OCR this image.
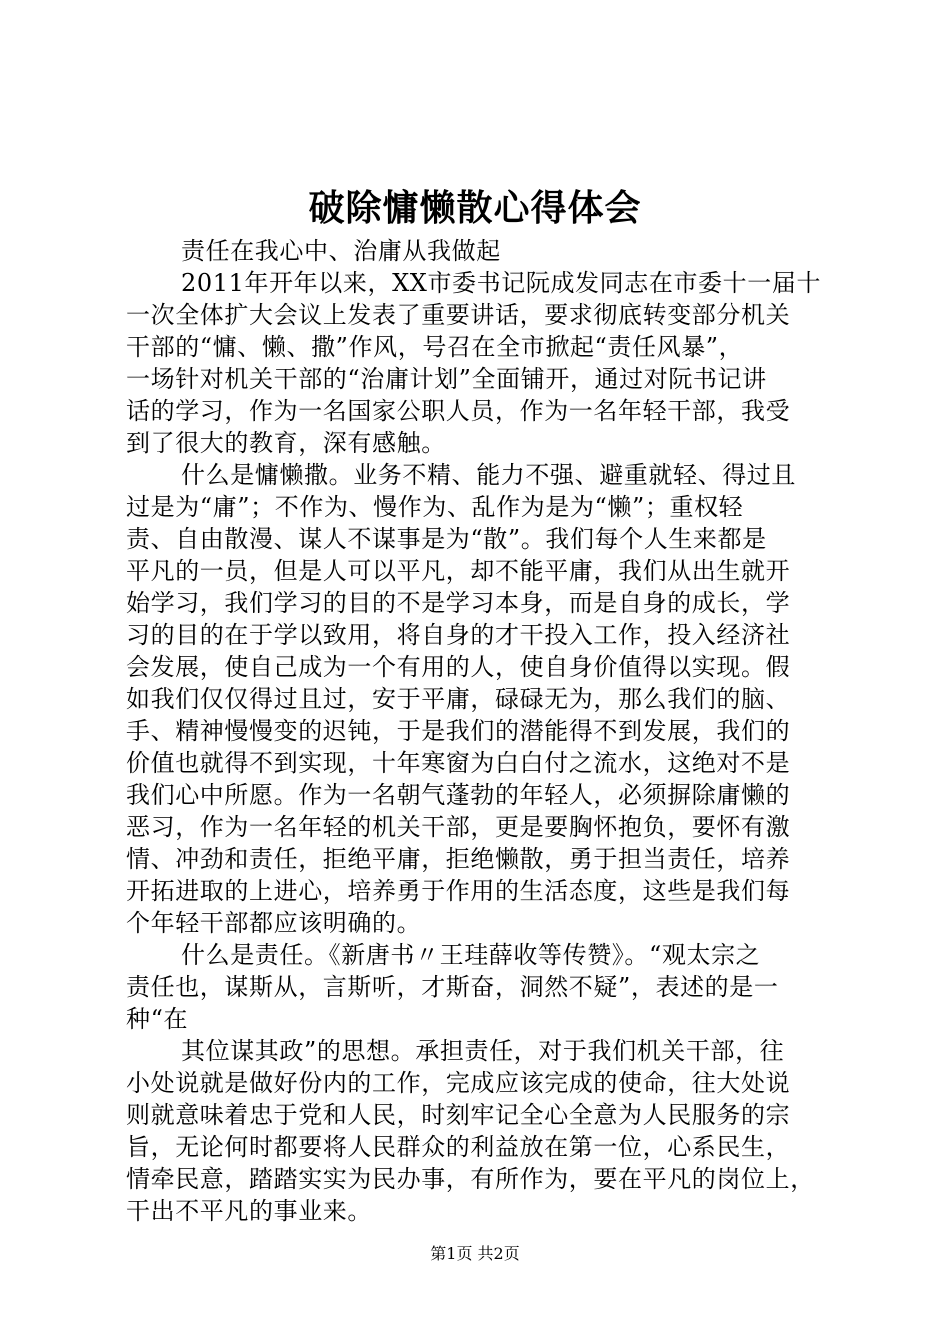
破除慵懒散心得体会
责任在我心中、治庸从我做起
2011年开年以来，XX市委书记阮成发同志在市委十一届十
一次全体扩大会议上发表了重要讲话，要求彻底转变部分机关
干部的“慵、懒、撒”作风，号召在全市掀起“责任风暴”，
一场针对机关干部的“治庸计划”全面铺开，通过对阮书记讲
话的学习，作为一名国家公职人员，作为一名年轻干部，我受
到了很大的教育，深有感触。
什么是慵懒撒。业务不精、能力不强、避重就轻、得过且
过是为“庸”；不作为、慢作为、乱作为是为“懒”；重权轻
责、自由散漫、谋人不谋事是为“散”。我们每个人生来都是
平凡的一员，但是人可以平凡，却不能平庸，我们从出生就开
始学习，我们学习的目的不是学习本身，而是自身的成长，学
习的目的在于学以致用，将自身的才干投入工作，投入经济社
会发展，使自己成为一个有用的人，使自身价值得以实现。假
如我们仅仅得过且过，安于平庸，碌碌无为，那么我们的脑、
手、精神慢慢变的迟钝，于是我们的潜能得不到发展，我们的
价值也就得不到实现，十年寒窗为白白付之流水，这绝对不是
我们心中所愿。作为一名朝气蓬勃的年轻人，必须摒除庸懒的
恶习，作为一名年轻的机关干部，更是要胸怀抱负，要怀有激
情、冲劲和责任，拒绝平庸，拒绝懒散，勇于担当责任，培养
开拓进取的上进心，培养勇于作用的生活态度，这些是我们每
个年轻干部都应该明确的。
什么是责任。《新唐书〃王珪薛收等传赞》。“观太宗之
责任也，谋斯从，言斯听，才斯奋，洞然不疑”，表述的是一
种“在
其位谋其政”的思想。承担责任，对于我们机关干部，往
小处说就是做好份内的工作，完成应该完成的使命，往大处说
则就意味着忠于党和人民，时刻牢记全心全意为人民服务的宗
旨，无论何时都要将人民群众的利益放在第一位，心系民生，
情牵民意，踏踏实实为民办事，有所作为，要在平凡的岗位上，
干出不平凡的事业来。
第1页 共2页
